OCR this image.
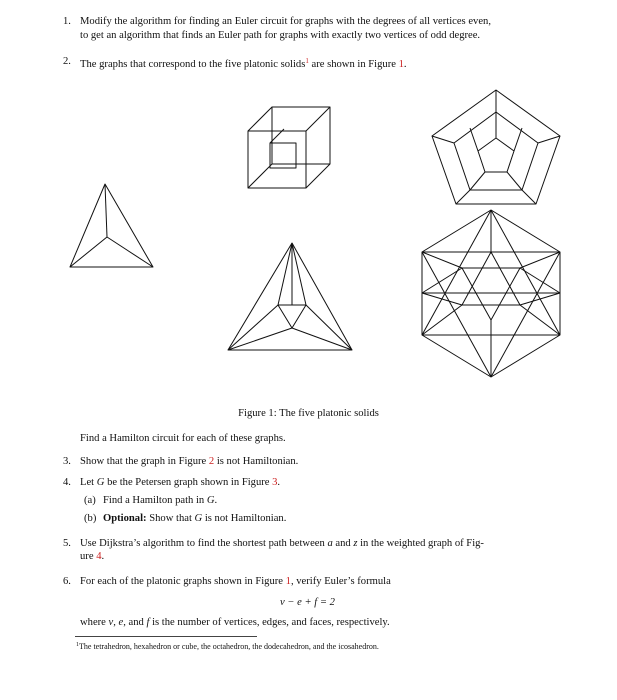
1. Modify the algorithm for finding an Euler circuit for graphs with the degrees of all vertices even,
to get an algorithm that finds an Euler path for graphs with exactly two vertices of odd degree.
2. The graphs that correspond to the five platonic solids$^1$ are shown in Figure 1.
Figure 1: The five platonic solids
Find a Hamilton circuit for each of these graphs.
3. Show that the graph in Figure 2 is not Hamiltonian.
4. Let G be the Petersen graph shown in Figure 3.
(a) Find a Hamilton path in G.
(b) Optional: Show that G is not Hamiltonian.
5. Use Dijkstra’s algorithm to find the shortest path between a and z in the weighted graph of Fig-
ure 4.
6. For each of the platonic graphs shown in Figure 1, verify Euler’s formula
v − e + f = 2
where v, e, and f is the number of vertices, edges, and faces, respectively.
$^1$The tetrahedron, hexahedron or cube, the octahedron, the dodecahedron, and the icosahedron.
